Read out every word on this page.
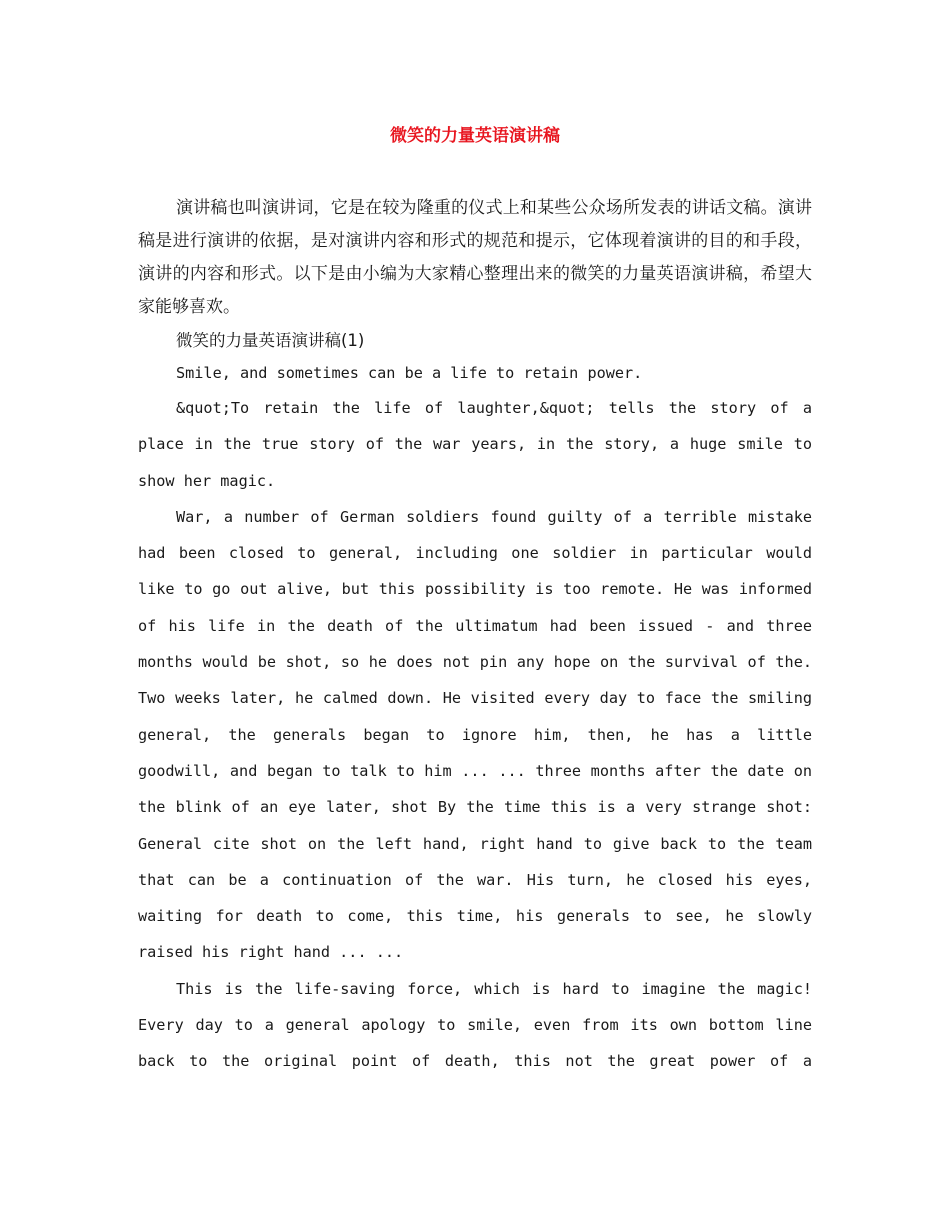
微笑的力量英语演讲稿

演讲稿也叫演讲词，它是在较为隆重的仪式上和某些公众场所发表的讲话文稿。演讲稿是进行演讲的依据，是对演讲内容和形式的规范和提示，它体现着演讲的目的和手段，演讲的内容和形式。以下是由小编为大家精心整理出来的微笑的力量英语演讲稿，希望大家能够喜欢。

微笑的力量英语演讲稿(1)

Smile, and sometimes can be a life to retain power.

&quot;To retain the life of laughter,&quot; tells the story of a place in the true story of the war years, in the story, a huge smile to show her magic.

War, a number of German soldiers found guilty of a terrible mistake had been closed to general, including one soldier in particular would like to go out alive, but this possibility is too remote. He was informed of his life in the death of the ultimatum had been issued - and three months would be shot, so he does not pin any hope on the survival of the. Two weeks later, he calmed down. He visited every day to face the smiling general, the generals began to ignore him, then, he has a little goodwill, and began to talk to him ... ... three months after the date on the blink of an eye later, shot By the time this is a very strange shot: General cite shot on the left hand, right hand to give back to the team that can be a continuation of the war. His turn, he closed his eyes, waiting for death to come, this time, his generals to see, he slowly raised his right hand ... ...

This is the life-saving force, which is hard to imagine the magic! Every day to a general apology to smile, even from its own bottom line back to the original point of death, this not the great power of a
